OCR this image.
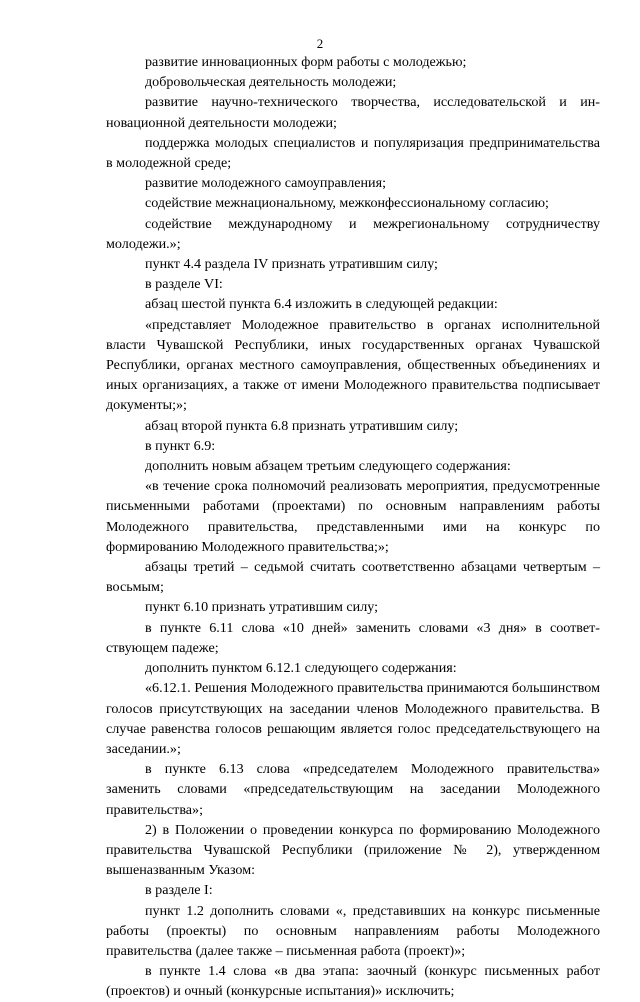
2

развитие инновационных форм работы с молодежью;

добровольческая деятельность молодежи;

развитие научно-технического творчества, исследовательской и инновационной деятельности молодежи;

поддержка молодых специалистов и популяризация предпринимательства в молодежной среде;

развитие молодежного самоуправления;

содействие межнациональному, межконфессиональному согласию;

содействие международному и межрегиональному сотрудничеству молодежи.»;

пункт 4.4 раздела IV признать утратившим силу;

в разделе VI:

абзац шестой пункта 6.4 изложить в следующей редакции:

«представляет Молодежное правительство в органах исполнительной власти Чувашской Республики, иных государственных органах Чувашской Республики, органах местного самоуправления, общественных объединениях и иных организациях, а также от имени Молодежного правительства подписывает документы;»;

абзац второй пункта 6.8 признать утратившим силу;

в пункт 6.9:

дополнить новым абзацем третьим следующего содержания:

«в течение срока полномочий реализовать мероприятия, предусмотренные письменными работами (проектами) по основным направлениям работы Молодежного правительства, представленными ими на конкурс по формированию Молодежного правительства;»;

абзацы третий – седьмой считать соответственно абзацами четвертым – восьмым;

пункт 6.10 признать утратившим силу;

в пункте 6.11 слова «10 дней» заменить словами «3 дня» в соответствующем падеже;

дополнить пунктом 6.12.1 следующего содержания:

«6.12.1. Решения Молодежного правительства принимаются большинством голосов присутствующих на заседании членов Молодежного правительства. В случае равенства голосов решающим является голос председательствующего на заседании.»;

в пункте 6.13 слова «председателем Молодежного правительства» заменить словами «председательствующим на заседании Молодежного правительства»;

2) в Положении о проведении конкурса по формированию Молодежного правительства Чувашской Республики (приложение № 2), утвержденном вышеназванным Указом:

в разделе I:

пункт 1.2 дополнить словами «, представивших на конкурс письменные работы (проекты) по основным направлениям работы Молодежного правительства (далее также – письменная работа (проект)»;

в пункте 1.4 слова «в два этапа: заочный (конкурс письменных работ (проектов) и очный (конкурсные испытания)» исключить;
